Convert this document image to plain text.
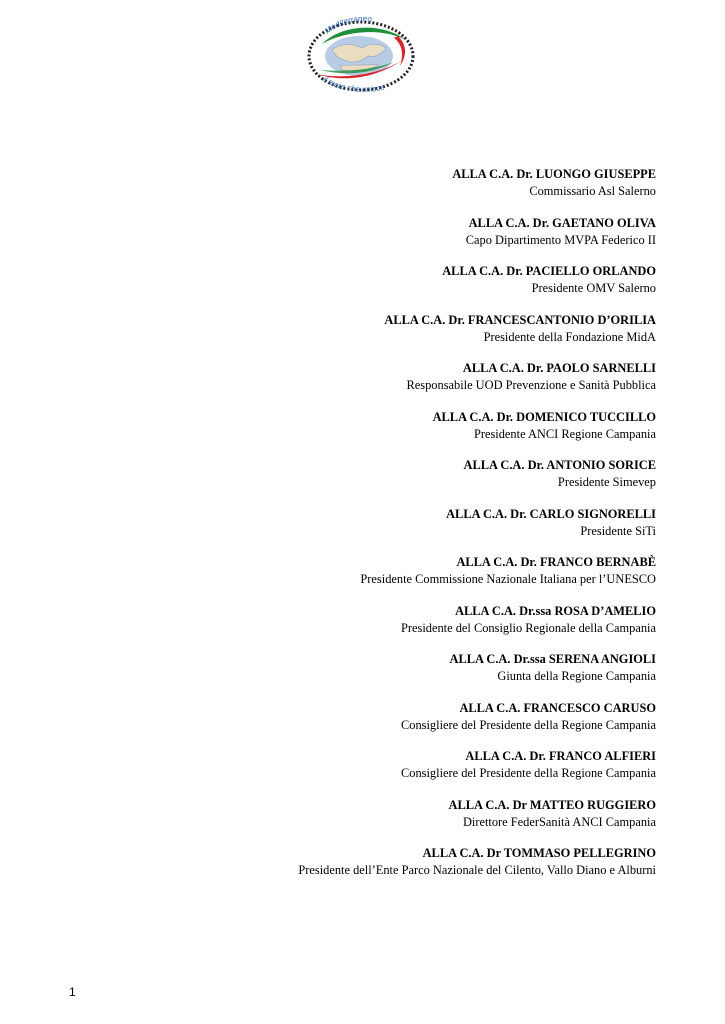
Mediterraneo
il mare che unisce
ALLA C.A. Dr. LUONGO GIUSEPPE
Commissario Asl Salerno
ALLA C.A. Dr. GAETANO OLIVA
Capo Dipartimento MVPA Federico II
ALLA C.A. Dr. PACIELLO ORLANDO
Presidente OMV Salerno
ALLA C.A. Dr. FRANCESCANTONIO D’ORILIA
Presidente della Fondazione MidA
ALLA C.A. Dr. PAOLO SARNELLI
Responsabile UOD Prevenzione e Sanità Pubblica
ALLA C.A. Dr. DOMENICO TUCCILLO
Presidente ANCI Regione Campania
ALLA C.A. Dr. ANTONIO SORICE
Presidente Simevep
ALLA C.A. Dr. CARLO SIGNORELLI
Presidente SiTi
ALLA C.A. Dr. FRANCO BERNABÈ
Presidente Commissione Nazionale Italiana per l’UNESCO
ALLA C.A. Dr.ssa ROSA D’AMELIO
Presidente del Consiglio Regionale della Campania
ALLA C.A. Dr.ssa SERENA ANGIOLI
Giunta della Regione Campania
ALLA C.A. FRANCESCO CARUSO
Consigliere del Presidente della Regione Campania
ALLA C.A. Dr. FRANCO ALFIERI
Consigliere del Presidente della Regione Campania
ALLA C.A. Dr MATTEO RUGGIERO
Direttore FederSanità ANCI Campania
ALLA C.A. Dr TOMMASO PELLEGRINO
Presidente dell’Ente Parco Nazionale del Cilento, Vallo Diano e Alburni
1
